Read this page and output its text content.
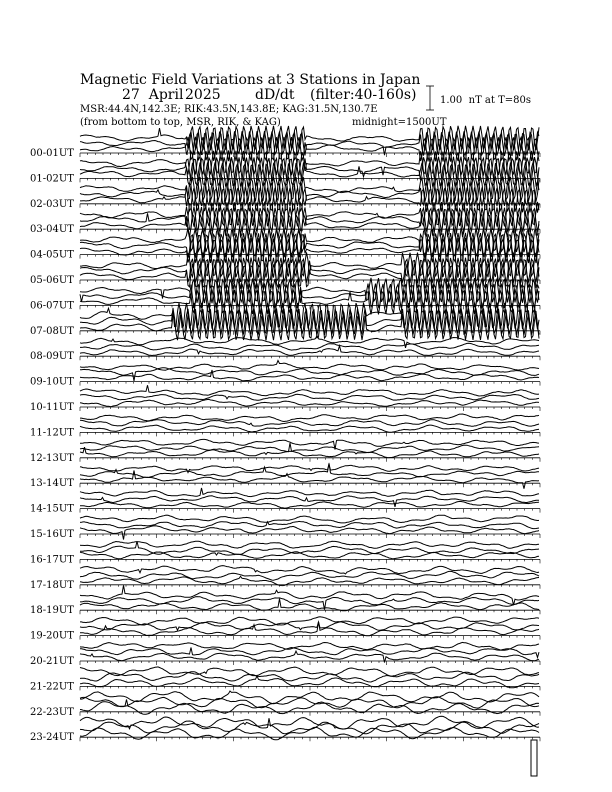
Magnetic Field Variations at 3 Stations in Japan

27  April

2025

dD/dt

(filter:40-160s)

MSR:44.4N,142.3E; RIK:43.5N,143.8E; KAG:31.5N,130.7E
(from bottom to top, MSR, RIK, & KAG)	midnight=1500UT
1.00  nT at T=80s
00-01UT
01-02UT
02-03UT
03-04UT
04-05UT
05-06UT
06-07UT
07-08UT
08-09UT
09-10UT
10-11UT
11-12UT
12-13UT
13-14UT
14-15UT
15-16UT
16-17UT
17-18UT
18-19UT
19-20UT
20-21UT
21-22UT
22-23UT
23-24UT
